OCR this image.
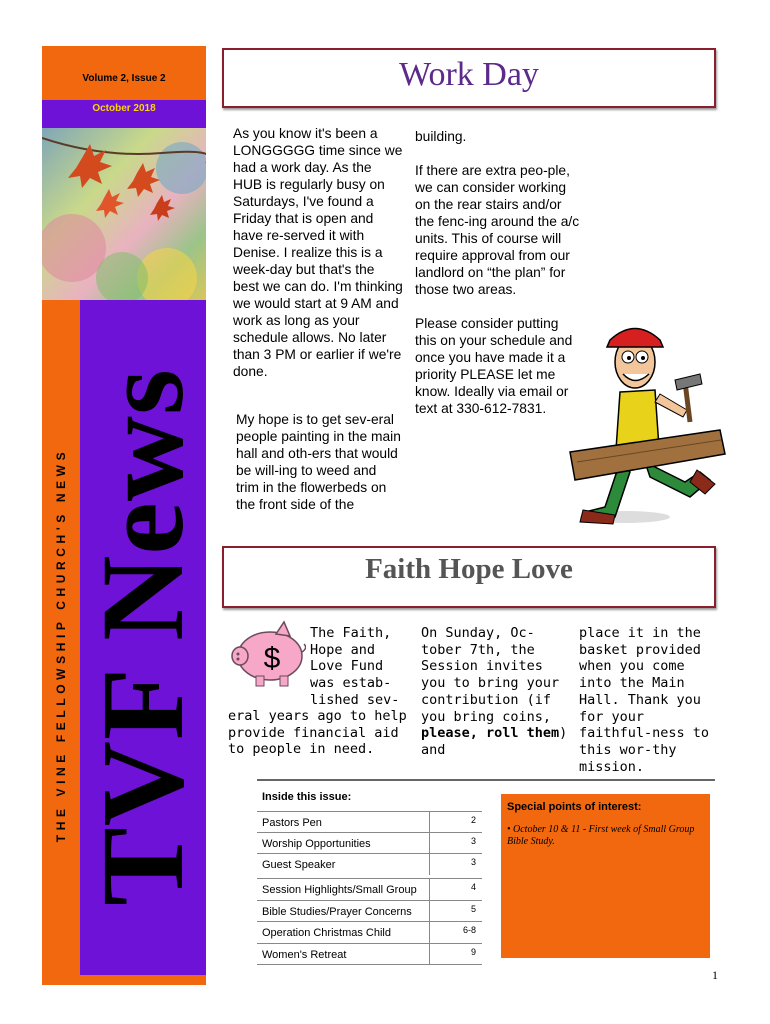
Volume 2, Issue 2
October 2018
THE VINE FELLOWSHIP CHURCH'S NEWS TVF News
Work Day
As you know it's been a LONGGGGG time since we had a work day. As the HUB is regularly busy on Saturdays, I've found a Friday that is open and have re-served it with Denise. I realize this is a week-day but that's the best we can do. I'm thinking we would start at 9 AM and work as long as your schedule allows. No later than 3 PM or earlier if we're done.
My hope is to get sev-eral people painting in the main hall and oth-ers that would be will-ing to weed and trim in the flowerbeds on the front side of the
building.
If there are extra peo-ple, we can consider working on the rear stairs and/or the fenc-ing around the a/c units. This of course will require approval from our landlord on “the plan” for those two areas.
Please consider putting this on your schedule and once you have made it a priority PLEASE let me know. Ideally via email or text at 330-612-7831.
Faith Hope Love
$
The Faith, Hope and Love Fund was estab-lished sev-
eral years ago to help provide financial aid to people in need.
On Sunday, Oc-tober 7th, the Session invites you to bring your contribution (if you bring coins, please, roll them) and
place it in the basket provided when you come into the Main Hall. Thank you for your faithful-ness to this wor-thy mission.
Inside this issue:
Pastors Pen	2
Worship Opportunities	3
Guest Speaker	3
Session Highlights/Small Group	4
Bible Studies/Prayer Concerns	5
Operation Christmas Child	6-8
Women's Retreat	9
Special points of interest:
• October 10 & 11 - First week of Small Group Bible Study.
1
